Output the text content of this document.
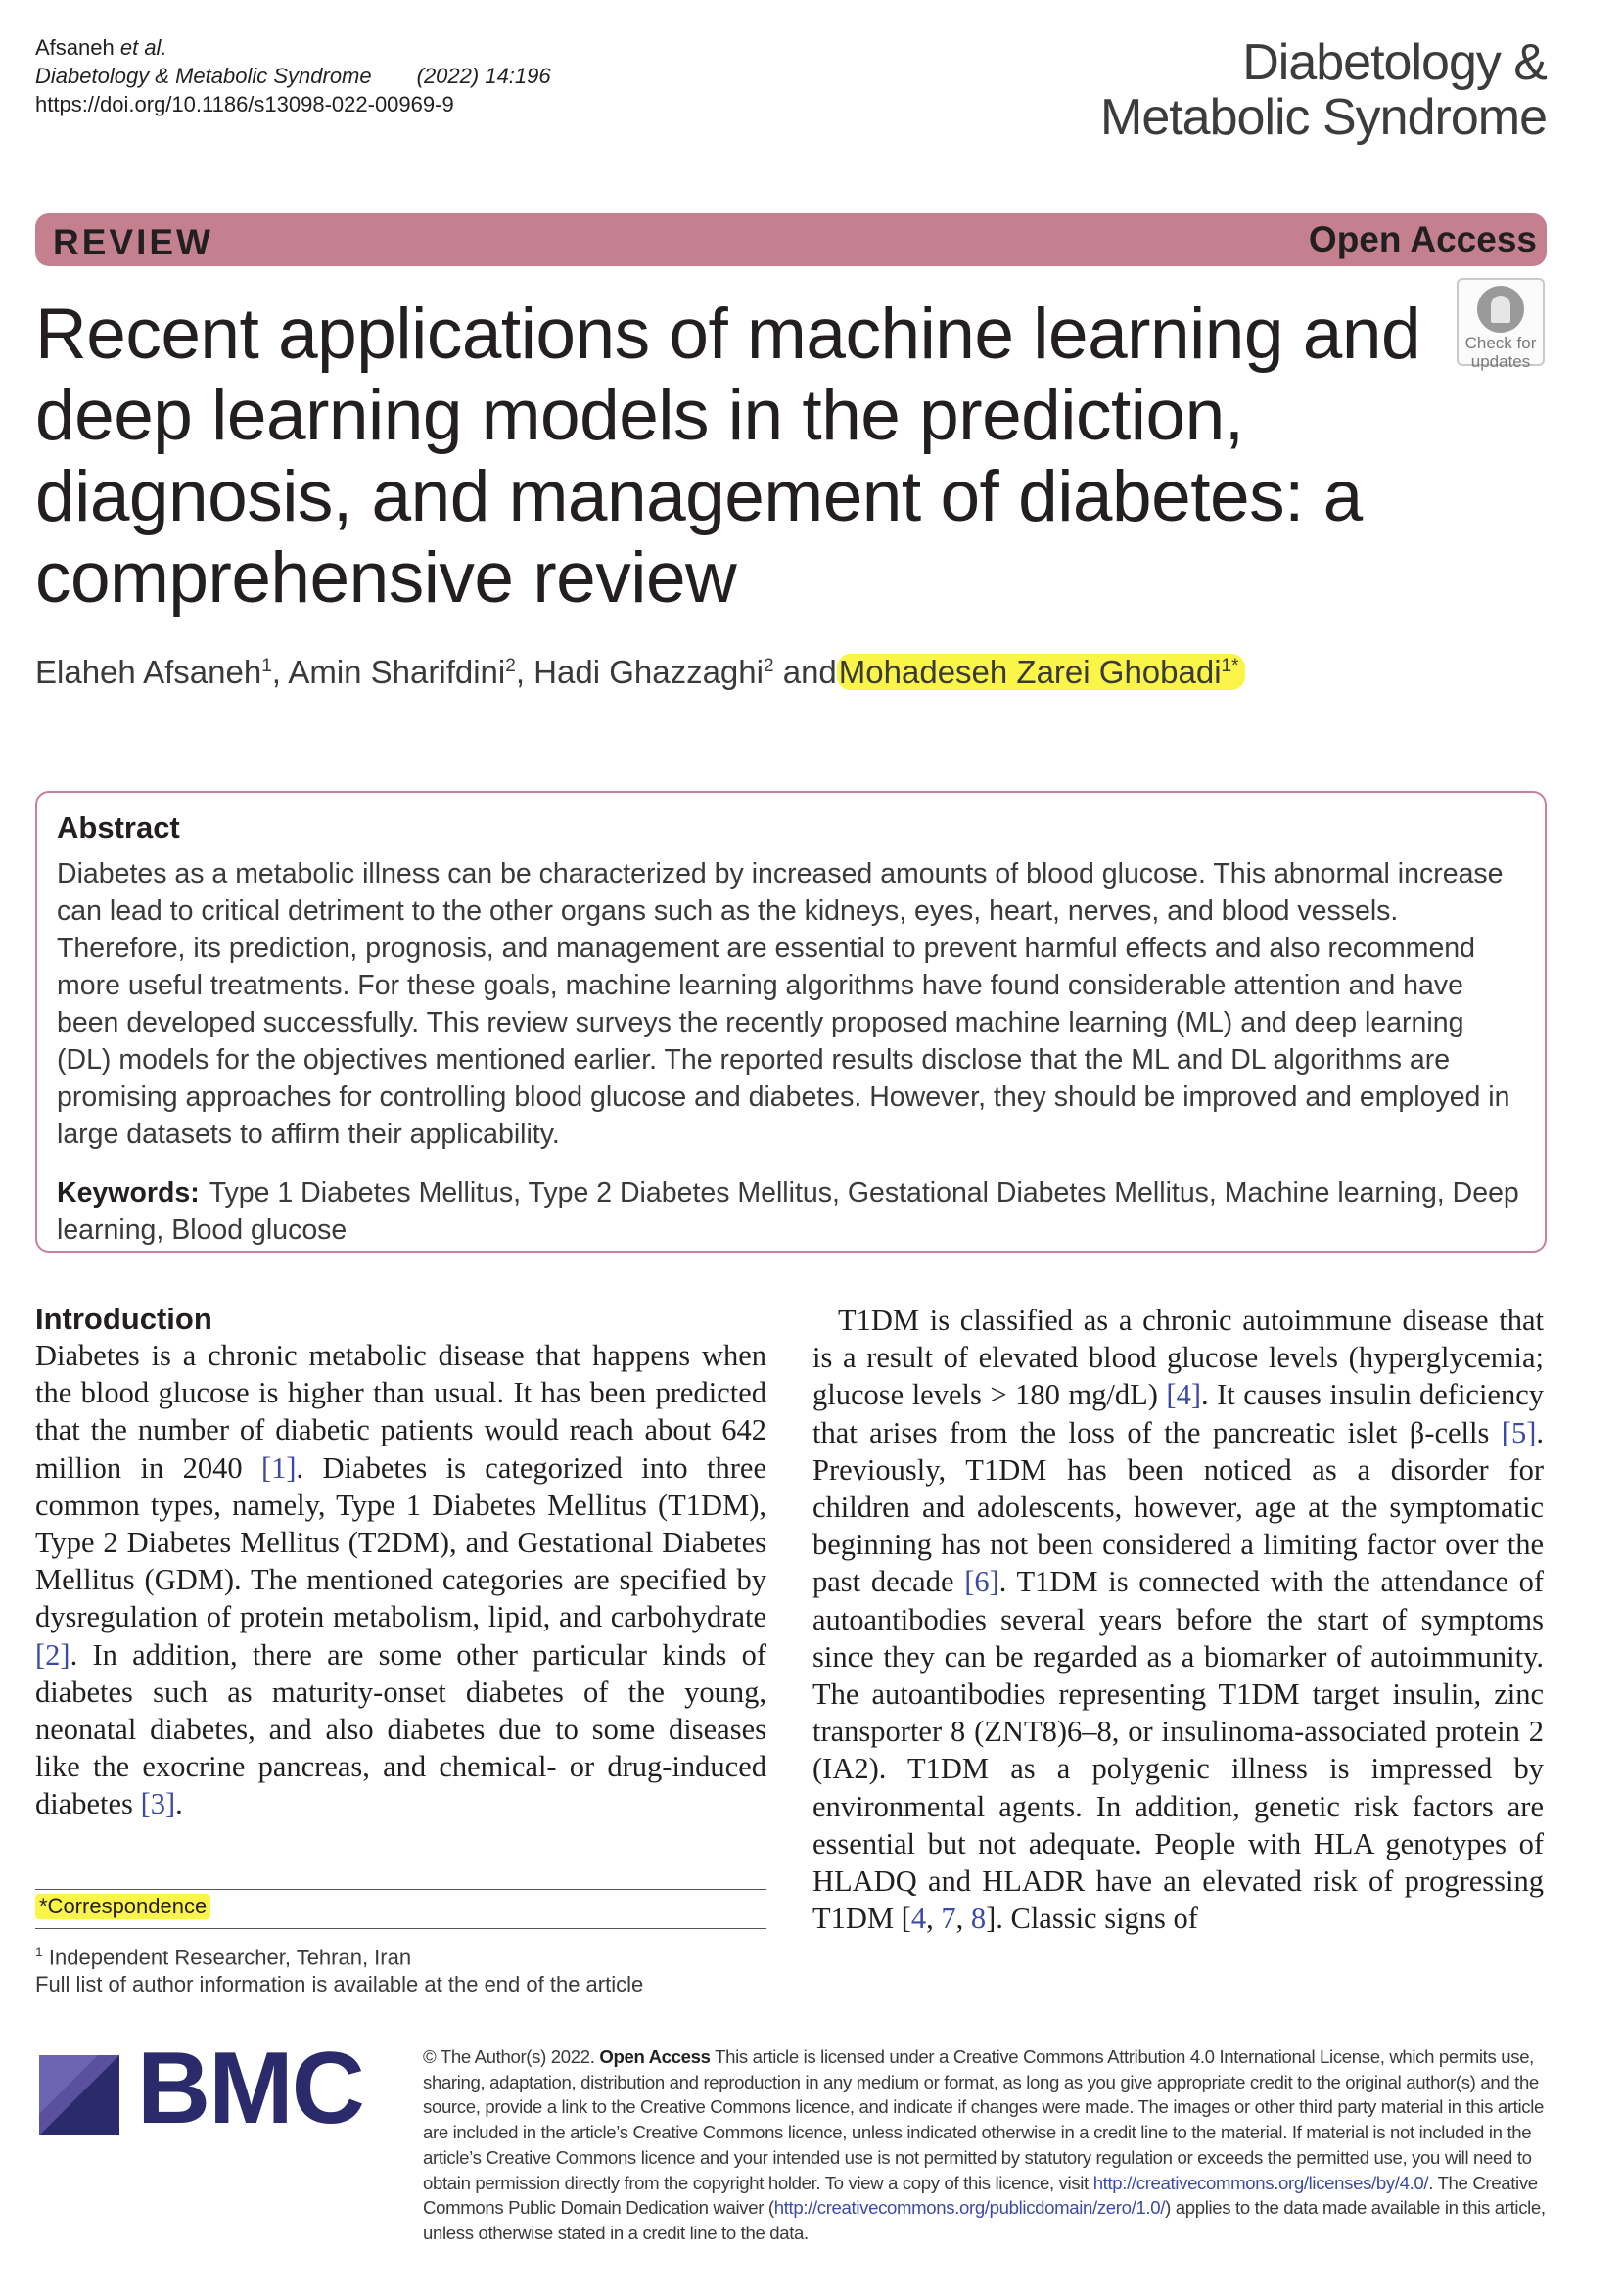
Afsaneh et al.
Diabetology & Metabolic Syndrome (2022) 14:196
https://doi.org/10.1186/s13098-022-00969-9
Diabetology &
Metabolic Syndrome
REVIEW	Open Access
Check for
updates
Recent applications of machine learning and deep learning models in the prediction, diagnosis, and management of diabetes: a comprehensive review
Elaheh Afsaneh$^1$, Amin Sharifdini$^2$, Hadi Ghazzaghi$^2$ andMohadeseh Zarei Ghobadi$^{1*}$
Abstract
Diabetes as a metabolic illness can be characterized by increased amounts of blood glucose. This abnormal increase can lead to critical detriment to the other organs such as the kidneys, eyes, heart, nerves, and blood vessels. Therefore, its prediction, prognosis, and management are essential to prevent harmful effects and also recommend more useful treatments. For these goals, machine learning algorithms have found considerable attention and have been developed successfully. This review surveys the recently proposed machine learning (ML) and deep learning (DL) models for the objectives mentioned earlier. The reported results disclose that the ML and DL algorithms are promising approaches for controlling blood glucose and diabetes. However, they should be improved and employed in large datasets to affirm their applicability.
Keywords: Type 1 Diabetes Mellitus, Type 2 Diabetes Mellitus, Gestational Diabetes Mellitus, Machine learning, Deep learning, Blood glucose
Introduction
Diabetes is a chronic metabolic disease that happens when the blood glucose is higher than usual. It has been predicted that the number of diabetic patients would reach about 642 million in 2040 [1]. Diabetes is categorized into three common types, namely, Type 1 Diabetes Mellitus (T1DM), Type 2 Diabetes Mellitus (T2DM), and Gestational Diabetes Mellitus (GDM). The mentioned categories are specified by dysregulation of protein metabolism, lipid, and carbohydrate [2]. In addition, there are some other particular kinds of diabetes such as maturity-onset diabetes of the young, neonatal diabetes, and also diabetes due to some diseases like the exocrine pancreas, and chemical- or drug-induced diabetes [3].
T1DM is classified as a chronic autoimmune disease that is a result of elevated blood glucose levels (hyperglycemia; glucose levels > 180 mg/dL) [4]. It causes insulin deficiency that arises from the loss of the pancreatic islet β-cells [5]. Previously, T1DM has been noticed as a disorder for children and adolescents, however, age at the symptomatic beginning has not been considered a limiting factor over the past decade [6]. T1DM is connected with the attendance of autoantibodies several years before the start of symptoms since they can be regarded as a biomarker of autoimmunity. The autoantibodies representing T1DM target insulin, zinc transporter 8 (ZNT8)6–8, or insulinoma-associated protein 2 (IA2). T1DM as a polygenic illness is impressed by environmental agents. In addition, genetic risk factors are essential but not adequate. People with HLA genotypes of HLADQ and HLADR have an elevated risk of progressing T1DM [4, 7, 8]. Classic signs of
*Correspondence
$^1$ Independent Researcher, Tehran, Iran
Full list of author information is available at the end of the article
BMC	© The Author(s) 2022. Open Access This article is licensed under a Creative Commons Attribution 4.0 International License, which permits use, sharing, adaptation, distribution and reproduction in any medium or format, as long as you give appropriate credit to the original author(s) and the source, provide a link to the Creative Commons licence, and indicate if changes were made. The images or other third party material in this article are included in the article’s Creative Commons licence, unless indicated otherwise in a credit line to the material. If material is not included in the article’s Creative Commons licence and your intended use is not permitted by statutory regulation or exceeds the permitted use, you will need to obtain permission directly from the copyright holder. To view a copy of this licence, visit http://creativecommons.org/licenses/by/4.0/. The Creative Commons Public Domain Dedication waiver (http://creativecommons.org/publicdomain/zero/1.0/) applies to the data made available in this article, unless otherwise stated in a credit line to the data.
